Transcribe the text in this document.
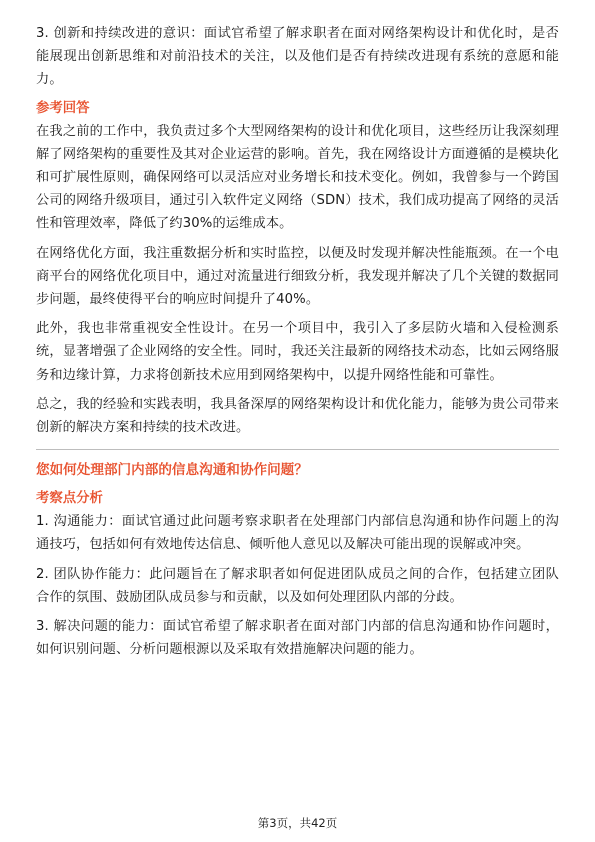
3. 创新和持续改进的意识：面试官希望了解求职者在面对网络架构设计和优化时，是否能展现出创新思维和对前沿技术的关注，以及他们是否有持续改进现有系统的意愿和能力。

参考回答

在我之前的工作中，我负责过多个大型网络架构的设计和优化项目，这些经历让我深刻理解了网络架构的重要性及其对企业运营的影响。首先，我在网络设计方面遵循的是模块化和可扩展性原则，确保网络可以灵活应对业务增长和技术变化。例如，我曾参与一个跨国公司的网络升级项目，通过引入软件定义网络（SDN）技术，我们成功提高了网络的灵活性和管理效率，降低了约30%的运维成本。

在网络优化方面，我注重数据分析和实时监控，以便及时发现并解决性能瓶颈。在一个电商平台的网络优化项目中，通过对流量进行细致分析，我发现并解决了几个关键的数据同步问题，最终使得平台的响应时间提升了40%。

此外，我也非常重视安全性设计。在另一个项目中，我引入了多层防火墙和入侵检测系统，显著增强了企业网络的安全性。同时，我还关注最新的网络技术动态，比如云网络服务和边缘计算，力求将创新技术应用到网络架构中，以提升网络性能和可靠性。

总之，我的经验和实践表明，我具备深厚的网络架构设计和优化能力，能够为贵公司带来创新的解决方案和持续的技术改进。

您如何处理部门内部的信息沟通和协作问题？
考察点分析

1. 沟通能力：面试官通过此问题考察求职者在处理部门内部信息沟通和协作问题上的沟通技巧，包括如何有效地传达信息、倾听他人意见以及解决可能出现的误解或冲突。

2. 团队协作能力：此问题旨在了解求职者如何促进团队成员之间的合作，包括建立团队合作的氛围、鼓励团队成员参与和贡献，以及如何处理团队内部的分歧。

3. 解决问题的能力：面试官希望了解求职者在面对部门内部的信息沟通和协作问题时，如何识别问题、分析问题根源以及采取有效措施解决问题的能力。

第3页，共42页
